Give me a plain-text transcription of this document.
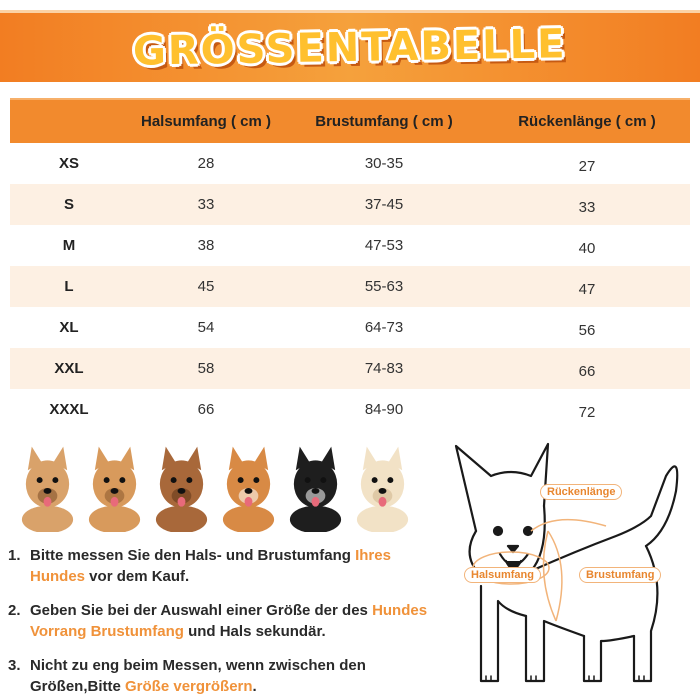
GRÖSSENTABELLE
	Halsumfang ( cm )	Brustumfang ( cm )	Rückenlänge ( cm )
XS	28	30-35	27
S	33	37-45	33
M	38	47-53	40
L	45	55-63	47
XL	54	64-73	56
XXL	58	74-83	66
XXXL	66	84-90	72
1. Bitte messen Sie den Hals- und Brustumfang Ihres Hundes vor dem Kauf.
2. Geben Sie bei der Auswahl einer Größe der des Hundes Vorrang Brustumfang und Hals sekundär.
3. Nicht zu eng beim Messen, wenn zwischen den Größen,Bitte Größe vergrößern.
Rückenlänge
Halsumfang	Brustumfang
